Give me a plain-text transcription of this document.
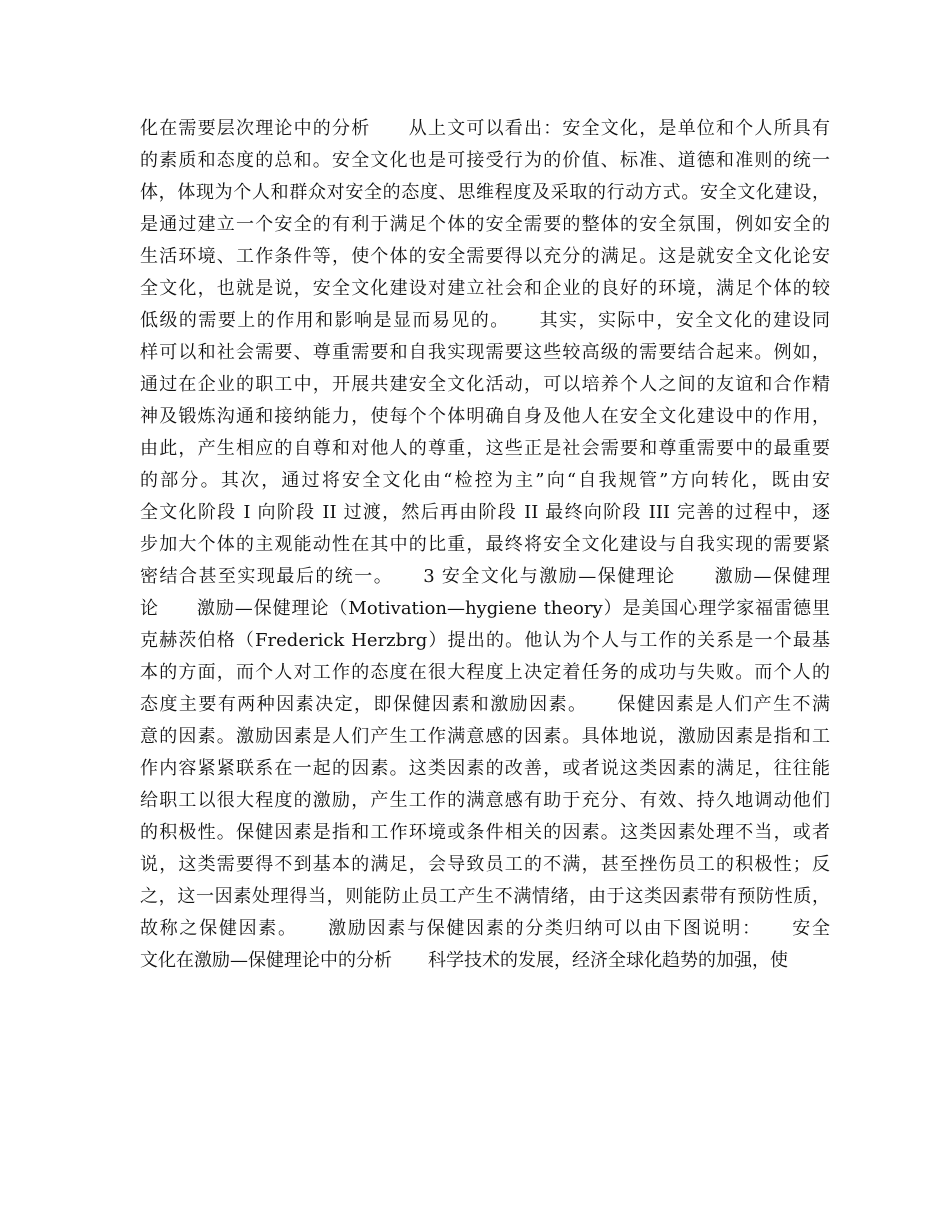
化在需要层次理论中的分析　　从上文可以看出：安全文化，是单位和个人所具有
的素质和态度的总和。安全文化也是可接受行为的价值、标准、道德和准则的统一
体，体现为个人和群众对安全的态度、思维程度及采取的行动方式。安全文化建设，
是通过建立一个安全的有利于满足个体的安全需要的整体的安全氛围，例如安全的
生活环境、工作条件等，使个体的安全需要得以充分的满足。这是就安全文化论安
全文化，也就是说，安全文化建设对建立社会和企业的良好的环境，满足个体的较
低级的需要上的作用和影响是显而易见的。　　其实，实际中，安全文化的建设同
样可以和社会需要、尊重需要和自我实现需要这些较高级的需要结合起来。例如，
通过在企业的职工中，开展共建安全文化活动，可以培养个人之间的友谊和合作精
神及锻炼沟通和接纳能力，使每个个体明确自身及他人在安全文化建设中的作用，
由此，产生相应的自尊和对他人的尊重，这些正是社会需要和尊重需要中的最重要
的部分。其次，通过将安全文化由“检控为主”向“自我规管”方向转化，既由安
全文化阶段 I 向阶段 II 过渡，然后再由阶段 II 最终向阶段 III 完善的过程中，逐
步加大个体的主观能动性在其中的比重，最终将安全文化建设与自我实现的需要紧
密结合甚至实现最后的统一。　　3 安全文化与激励—保健理论　　激励—保健理
论　　激励—保健理论（Motivation—hygiene theory）是美国心理学家福雷德里
克赫茨伯格（Frederick Herzbrg）提出的。他认为个人与工作的关系是一个最基
本的方面，而个人对工作的态度在很大程度上决定着任务的成功与失败。而个人的
态度主要有两种因素决定，即保健因素和激励因素。　　保健因素是人们产生不满
意的因素。激励因素是人们产生工作满意感的因素。具体地说，激励因素是指和工
作内容紧紧联系在一起的因素。这类因素的改善，或者说这类因素的满足，往往能
给职工以很大程度的激励，产生工作的满意感有助于充分、有效、持久地调动他们
的积极性。保健因素是指和工作环境或条件相关的因素。这类因素处理不当，或者
说，这类需要得不到基本的满足，会导致员工的不满，甚至挫伤员工的积极性；反
之，这一因素处理得当，则能防止员工产生不满情绪，由于这类因素带有预防性质，
故称之保健因素。　　激励因素与保健因素的分类归纳可以由下图说明：　　安全
文化在激励—保健理论中的分析　　科学技术的发展，经济全球化趋势的加强，使
